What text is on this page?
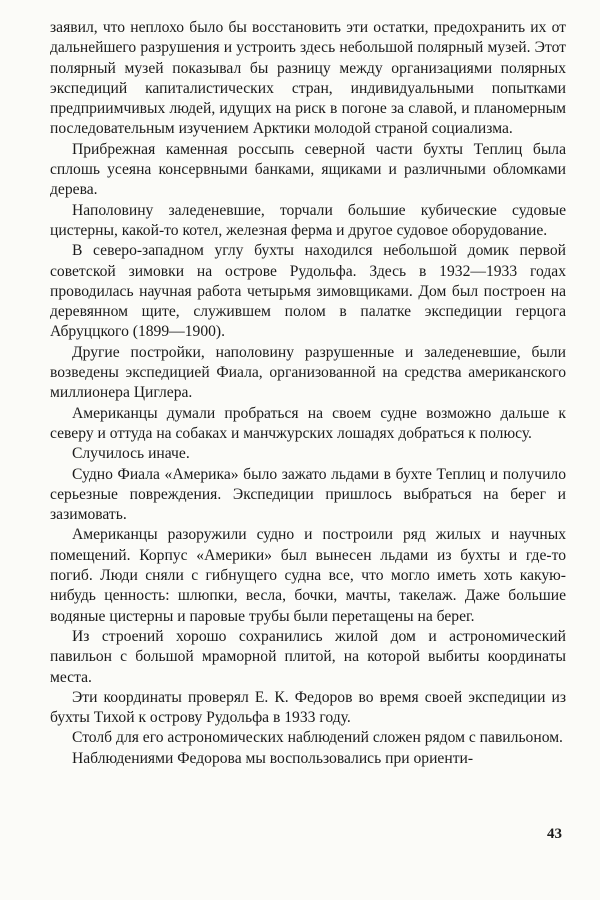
заявил, что неплохо было бы восстановить эти остатки, предохранить их от дальнейшего разрушения и устроить здесь небольшой полярный музей. Этот полярный музей показывал бы разницу между организациями полярных экспедиций капиталистических стран, индивидуальными попытками предприимчивых людей, идущих на риск в погоне за славой, и планомерным последовательным изучением Арктики молодой страной социализма.

Прибрежная каменная россыпь северной части бухты Теплиц была сплошь усеяна консервными банками, ящиками и различными обломками дерева.

Наполовину заледеневшие, торчали большие кубические судовые цистерны, какой-то котел, железная ферма и другое судовое оборудование.

В северо-западном углу бухты находился небольшой домик первой советской зимовки на острове Рудольфа. Здесь в 1932—1933 годах проводилась научная работа четырьмя зимовщиками. Дом был построен на деревянном щите, служившем полом в палатке экспедиции герцога Абруццкого (1899—1900).

Другие постройки, наполовину разрушенные и заледеневшие, были возведены экспедицией Фиала, организованной на средства американского миллионера Циглера.

Американцы думали пробраться на своем судне возможно дальше к северу и оттуда на собаках и манчжурских лошадях добраться к полюсу.

Случилось иначе.

Судно Фиала «Америка» было зажато льдами в бухте Теплиц и получило серьезные повреждения. Экспедиции пришлось выбраться на берег и зазимовать.

Американцы разоружили судно и построили ряд жилых и научных помещений. Корпус «Америки» был вынесен льдами из бухты и где-то погиб. Люди сняли с гибнущего судна все, что могло иметь хоть какую-нибудь ценность: шлюпки, весла, бочки, мачты, такелаж. Даже большие водяные цистерны и паровые трубы были перетащены на берег.

Из строений хорошо сохранились жилой дом и астрономический павильон с большой мраморной плитой, на которой выбиты координаты места.

Эти координаты проверял Е. К. Федоров во время своей экспедиции из бухты Тихой к острову Рудольфа в 1933 году.

Столб для его астрономических наблюдений сложен рядом с павильоном.

Наблюдениями Федорова мы воспользовались при ориенти-

43
